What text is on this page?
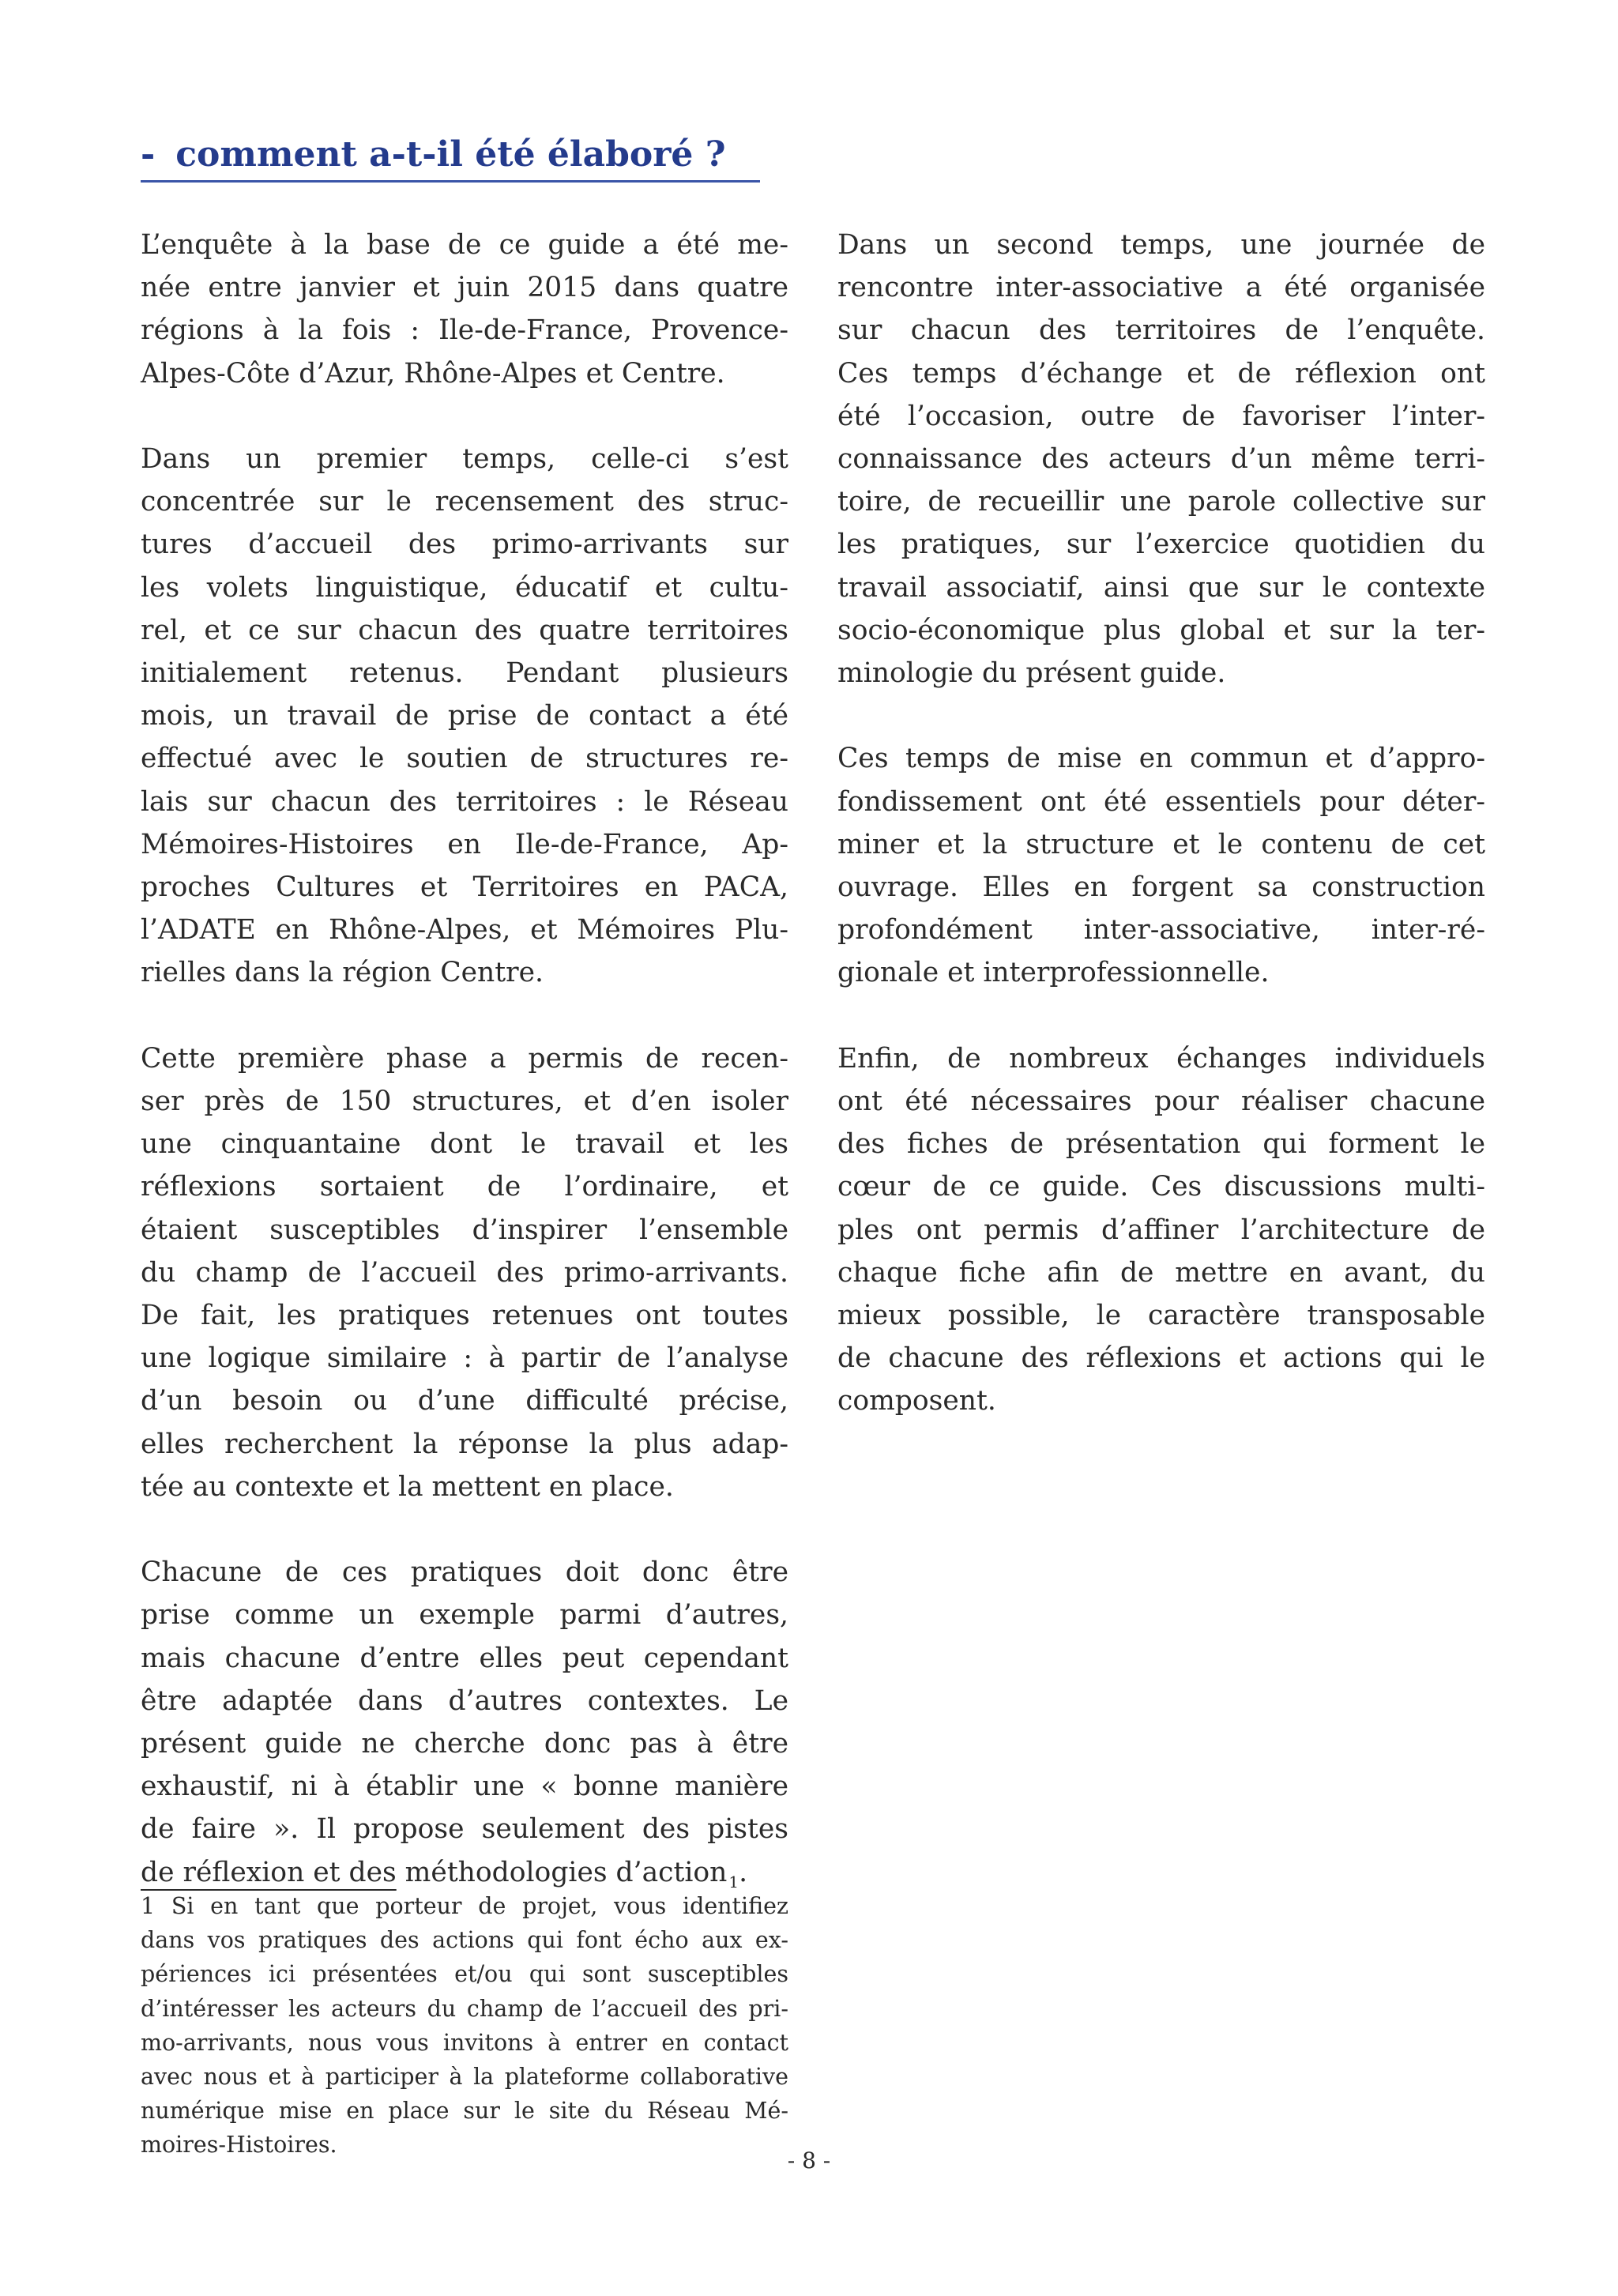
- comment a-t-il été élaboré ?
L’enquête à la base de ce guide a été me-
née entre janvier et juin 2015 dans quatre
régions à la fois : Ile-de-France, Provence-
Alpes-Côte d’Azur, Rhône-Alpes et Centre.
Dans un premier temps, celle-ci s’est
concentrée sur le recensement des struc-
tures d’accueil des primo-arrivants sur
les volets linguistique, éducatif et cultu-
rel, et ce sur chacun des quatre territoires
initialement retenus. Pendant plusieurs
mois, un travail de prise de contact a été
effectué avec le soutien de structures re-
lais sur chacun des territoires : le Réseau
Mémoires-Histoires en Ile-de-France, Ap-
proches Cultures et Territoires en PACA,
l’ADATE en Rhône-Alpes, et Mémoires Plu-
rielles dans la région Centre.
Cette première phase a permis de recen-
ser près de 150 structures, et d’en isoler
une cinquantaine dont le travail et les
réflexions sortaient de l’ordinaire, et
étaient susceptibles d’inspirer l’ensemble
du champ de l’accueil des primo-arrivants.
De fait, les pratiques retenues ont toutes
une logique similaire : à partir de l’analyse
d’un besoin ou d’une difficulté précise,
elles recherchent la réponse la plus adap-
tée au contexte et la mettent en place.
Chacune de ces pratiques doit donc être
prise comme un exemple parmi d’autres,
mais chacune d’entre elles peut cependant
être adaptée dans d’autres contextes. Le
présent guide ne cherche donc pas à être
exhaustif, ni à établir une « bonne manière
de faire ». Il propose seulement des pistes
de réflexion et des méthodologies d’action $_1$.
Dans un second temps, une journée de
rencontre inter-associative a été organisée
sur chacun des territoires de l’enquête.
Ces temps d’échange et de réflexion ont
été l’occasion, outre de favoriser l’inter-
connaissance des acteurs d’un même terri-
toire, de recueillir une parole collective sur
les pratiques, sur l’exercice quotidien du
travail associatif, ainsi que sur le contexte
socio-économique plus global et sur la ter-
minologie du présent guide.
Ces temps de mise en commun et d’appro-
fondissement ont été essentiels pour déter-
miner et la structure et le contenu de cet
ouvrage. Elles en forgent sa construction
profondément inter-associative, inter-ré-
gionale et interprofessionnelle.
Enfin, de nombreux échanges individuels
ont été nécessaires pour réaliser chacune
des fiches de présentation qui forment le
cœur de ce guide. Ces discussions multi-
ples ont permis d’affiner l’architecture de
chaque fiche afin de mettre en avant, du
mieux possible, le caractère transposable
de chacune des réflexions et actions qui le
composent.
1 Si en tant que porteur de projet, vous identifiez
dans vos pratiques des actions qui font écho aux ex-
périences ici présentées et/ou qui sont susceptibles
d’intéresser les acteurs du champ de l’accueil des pri-
mo-arrivants, nous vous invitons à entrer en contact
avec nous et à participer à la plateforme collaborative
numérique mise en place sur le site du Réseau Mé-
moires-Histoires.
- 8 -
